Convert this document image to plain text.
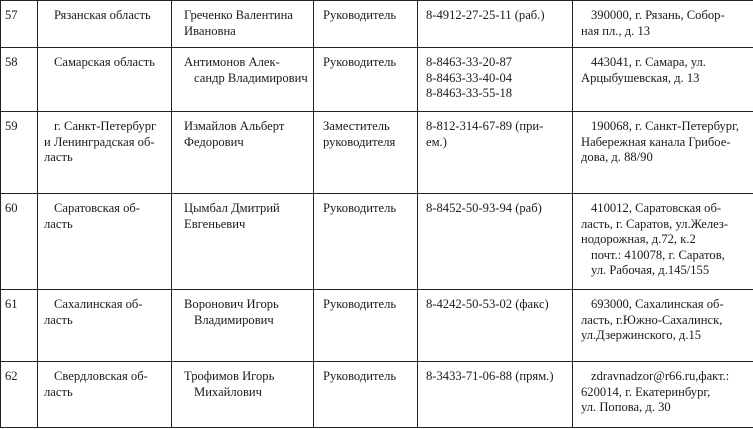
57	Рязанская область	Греченко Валентина
Ивановна	Руководитель	8-4912-27-25-11 (раб.)	390000, г. Рязань, Собор-
ная пл., д. 13

58	Самарская область	Антимонов Алек-
сандр Владимирович	Руководитель	8-8463-33-20-87
8-8463-33-40-04
8-8463-33-55-18	443041, г. Самара, ул.
Арцыбушевская, д. 13

59	г. Санкт-Петербург
и Ленинградская об-
ласть	Измайлов Альберт
Федорович	Заместитель
руководителя	8-812-314-67-89 (при-
ем.)	190068, г. Санкт-Петербург,
Набережная канала Грибое-
дова, д. 88/90

60	Саратовская об-
ласть	Цымбал Дмитрий
Евгеньевич	Руководитель	8-8452-50-93-94 (раб)	410012, Саратовская об-
ласть, г. Саратов, ул.Желез-
нодорожная, д.72, к.2
почт.: 410078, г. Саратов,
ул. Рабочая, д.145/155

61	Сахалинская об-
ласть	Воронович Игорь
Владимирович	Руководитель	8-4242-50-53-02 (факс)	693000, Сахалинская об-
ласть, г.Южно-Сахалинск,
ул.Дзержинского, д.15

62	Свердловская об-
ласть	Трофимов Игорь
Михайлович	Руководитель	8-3433-71-06-88 (прям.)	zdravnadzor@r66.ru,факт.:
620014, г. Екатеринбург,
ул. Попова, д. 30
